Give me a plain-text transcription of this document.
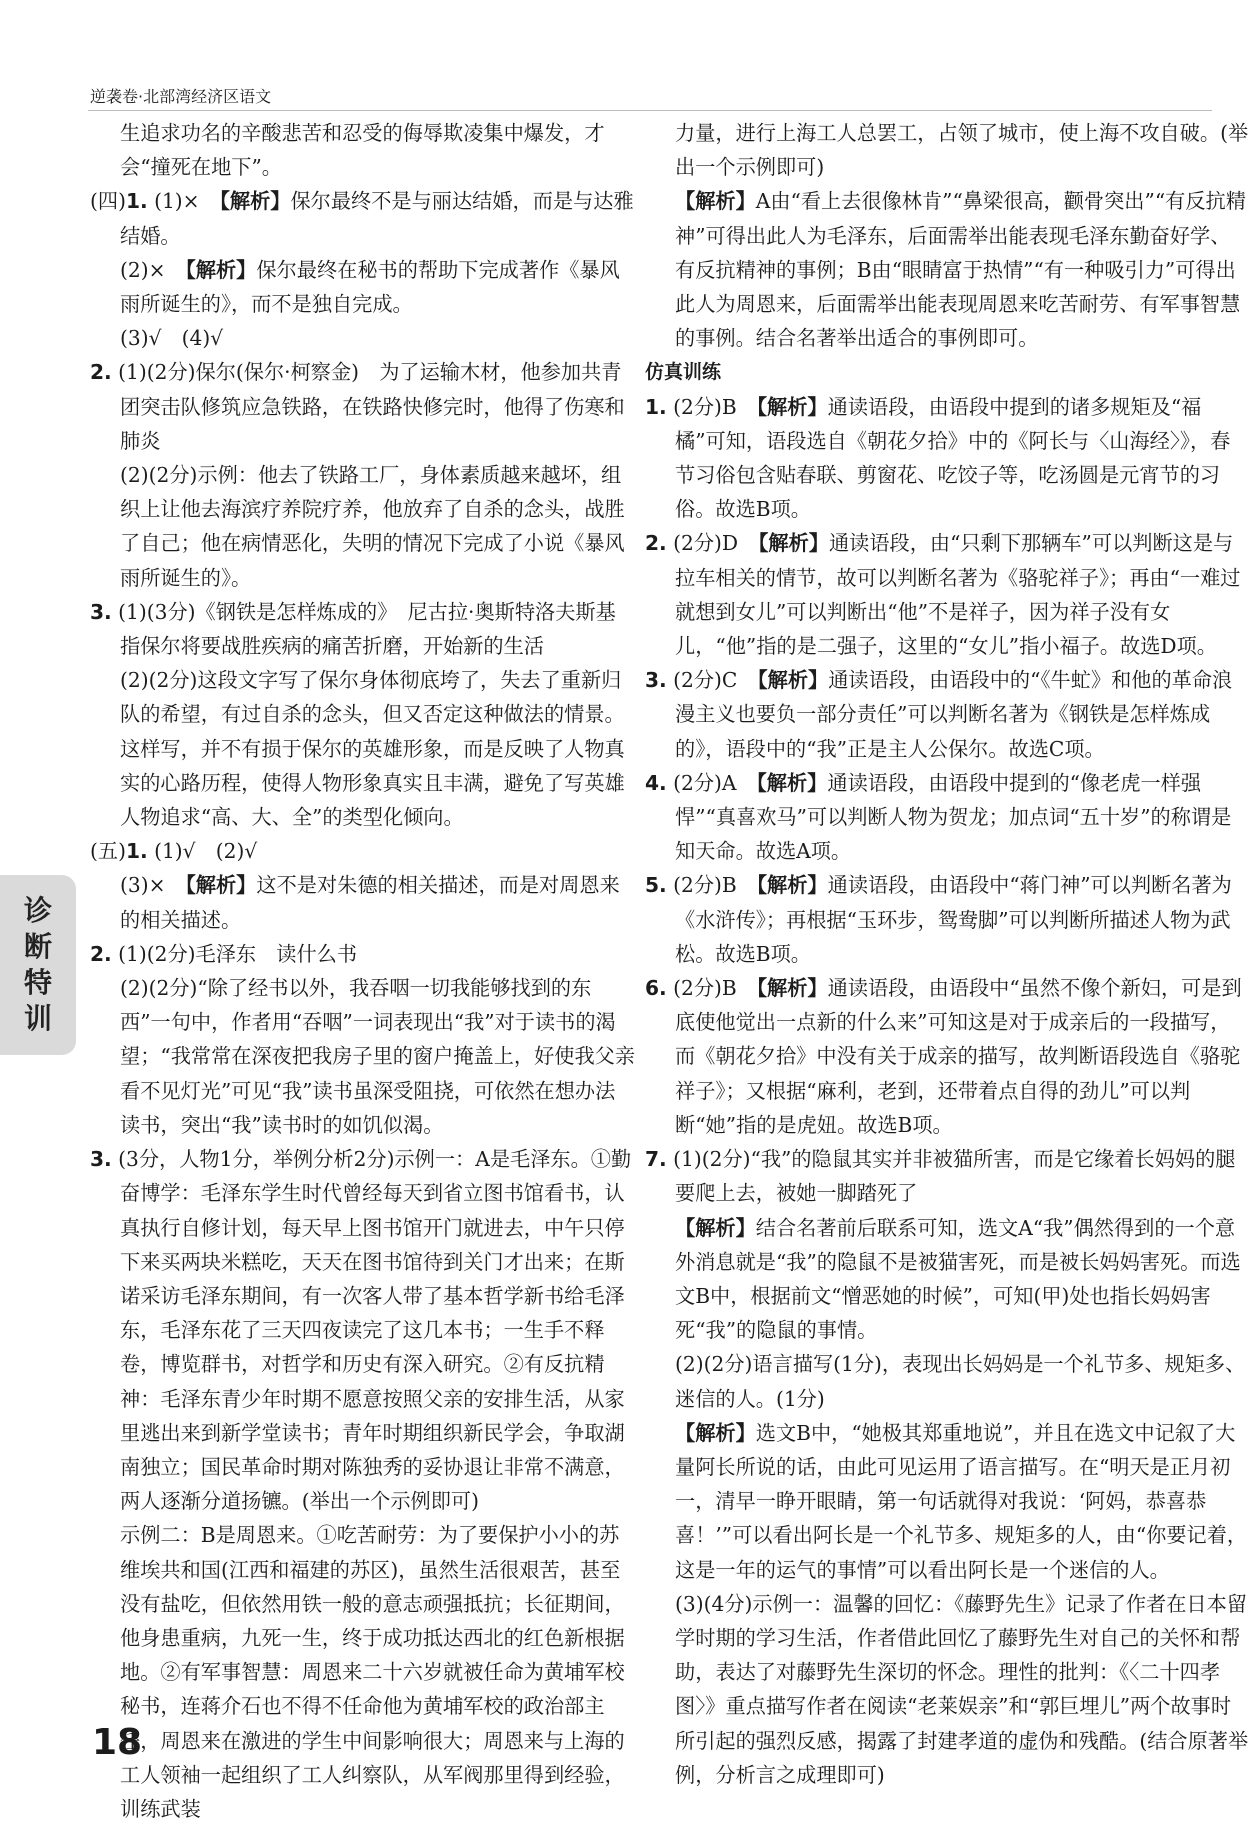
逆袭卷·北部湾经济区语文

生追求功名的辛酸悲苦和忍受的侮辱欺凌集中爆发，才会“撞死在地下”。

(四)1. (1)×　 【解析】保尔最终不是与丽达结婚，而是与达雅结婚。

(2)×　 【解析】保尔最终在秘书的帮助下完成著作《暴风雨所诞生的》，而不是独自完成。

(3)√　(4)√

2. (1)(2分)保尔(保尔·柯察金)　为了运输木材，他参加共青团突击队修筑应急铁路，在铁路快修完时，他得了伤寒和肺炎

(2)(2分)示例：他去了铁路工厂，身体素质越来越坏，组织上让他去海滨疗养院疗养，他放弃了自杀的念头，战胜了自己；他在病情恶化，失明的情况下完成了小说《暴风雨所诞生的》。

3. (1)(3分)《钢铁是怎样炼成的》　尼古拉·奥斯特洛夫斯基　指保尔将要战胜疾病的痛苦折磨，开始新的生活

(2)(2分)这段文字写了保尔身体彻底垮了，失去了重新归队的希望，有过自杀的念头，但又否定这种做法的情景。这样写，并不有损于保尔的英雄形象，而是反映了人物真实的心路历程，使得人物形象真实且丰满，避免了写英雄人物追求“高、大、全”的类型化倾向。

(五)1. (1)√　(2)√

(3)×　 【解析】这不是对朱德的相关描述，而是对周恩来的相关描述。

2. (1)(2分)毛泽东　读什么书

(2)(2分)“除了经书以外，我吞咽一切我能够找到的东西”一句中，作者用“吞咽”一词表现出“我”对于读书的渴望；“我常常在深夜把我房子里的窗户掩盖上，好使我父亲看不见灯光”可见“我”读书虽深受阻挠，可依然在想办法读书，突出“我”读书时的如饥似渴。

3. (3分，人物1分，举例分析2分)示例一：A是毛泽东。①勤奋博学：毛泽东学生时代曾经每天到省立图书馆看书，认真执行自修计划，每天早上图书馆开门就进去，中午只停下来买两块米糕吃，天天在图书馆待到关门才出来；在斯诺采访毛泽东期间，有一次客人带了基本哲学新书给毛泽东，毛泽东花了三天四夜读完了这几本书；一生手不释卷，博览群书，对哲学和历史有深入研究。②有反抗精神：毛泽东青少年时期不愿意按照父亲的安排生活，从家里逃出来到新学堂读书；青年时期组织新民学会，争取湖南独立；国民革命时期对陈独秀的妥协退让非常不满意，两人逐渐分道扬镳。(举出一个示例即可)

示例二：B是周恩来。①吃苦耐劳：为了要保护小小的苏维埃共和国(江西和福建的苏区)，虽然生活很艰苦，甚至没有盐吃，但依然用铁一般的意志顽强抵抗；长征期间，他身患重病，九死一生，终于成功抵达西北的红色新根据地。②有军事智慧：周恩来二十六岁就被任命为黄埔军校秘书，连蒋介石也不得不任命他为黄埔军校的政治部主任，周恩来在激进的学生中间影响很大；周恩来与上海的工人领袖一起组织了工人纠察队，从军阀那里得到经验，训练武装

力量，进行上海工人总罢工，占领了城市，使上海不攻自破。(举出一个示例即可)

【解析】A由“看上去很像林肯”“鼻梁很高，颧骨突出”“有反抗精神”可得出此人为毛泽东，后面需举出能表现毛泽东勤奋好学、有反抗精神的事例；B由“眼睛富于热情”“有一种吸引力”可得出此人为周恩来，后面需举出能表现周恩来吃苦耐劳、有军事智慧的事例。结合名著举出适合的事例即可。

仿真训练

1. (2分)B　 【解析】通读语段，由语段中提到的诸多规矩及“福橘”可知，语段选自《朝花夕拾》中的《阿长与〈山海经〉》，春节习俗包含贴春联、剪窗花、吃饺子等，吃汤圆是元宵节的习俗。故选B项。

2. (2分)D　 【解析】通读语段，由“只剩下那辆车”可以判断这是与拉车相关的情节，故可以判断名著为《骆驼祥子》；再由“一难过就想到女儿”可以判断出“他”不是祥子，因为祥子没有女儿，“他”指的是二强子，这里的“女儿”指小福子。故选D项。

3. (2分)C　 【解析】通读语段，由语段中的“《牛虻》和他的革命浪漫主义也要负一部分责任”可以判断名著为《钢铁是怎样炼成的》，语段中的“我”正是主人公保尔。故选C项。

4. (2分)A　 【解析】通读语段，由语段中提到的“像老虎一样强悍”“真喜欢马”可以判断人物为贺龙；加点词“五十岁”的称谓是知天命。故选A项。

5. (2分)B　 【解析】通读语段，由语段中“蒋门神”可以判断名著为《水浒传》；再根据“玉环步，鸳鸯脚”可以判断所描述人物为武松。故选B项。

6. (2分)B　 【解析】通读语段，由语段中“虽然不像个新妇，可是到底使他觉出一点新的什么来”可知这是对于成亲后的一段描写，而《朝花夕拾》中没有关于成亲的描写，故判断语段选自《骆驼祥子》；又根据“麻利，老到，还带着点自得的劲儿”可以判断“她”指的是虎妞。故选B项。

7. (1)(2分)“我”的隐鼠其实并非被猫所害，而是它缘着长妈妈的腿要爬上去，被她一脚踏死了

【解析】结合名著前后联系可知，选文A“我”偶然得到的一个意外消息就是“我”的隐鼠不是被猫害死，而是被长妈妈害死。而选文B中，根据前文“憎恶她的时候”，可知(甲)处也指长妈妈害死“我”的隐鼠的事情。

(2)(2分)语言描写(1分)，表现出长妈妈是一个礼节多、规矩多、迷信的人。(1分)

【解析】选文B中，“她极其郑重地说”，并且在选文中记叙了大量阿长所说的话，由此可见运用了语言描写。在“明天是正月初一，清早一睁开眼睛，第一句话就得对我说：‘阿妈，恭喜恭喜！’”可以看出阿长是一个礼节多、规矩多的人，由“你要记着，这是一年的运气的事情”可以看出阿长是一个迷信的人。

(3)(4分)示例一：温馨的回忆：《藤野先生》记录了作者在日本留学时期的学习生活，作者借此回忆了藤野先生对自己的关怀和帮助，表达了对藤野先生深切的怀念。理性的批判：《〈二十四孝图〉》重点描写作者在阅读“老莱娱亲”和“郭巨埋儿”两个故事时所引起的强烈反感，揭露了封建孝道的虚伪和残酷。(结合原著举例，分析言之成理即可)

诊
断
特
训
18
